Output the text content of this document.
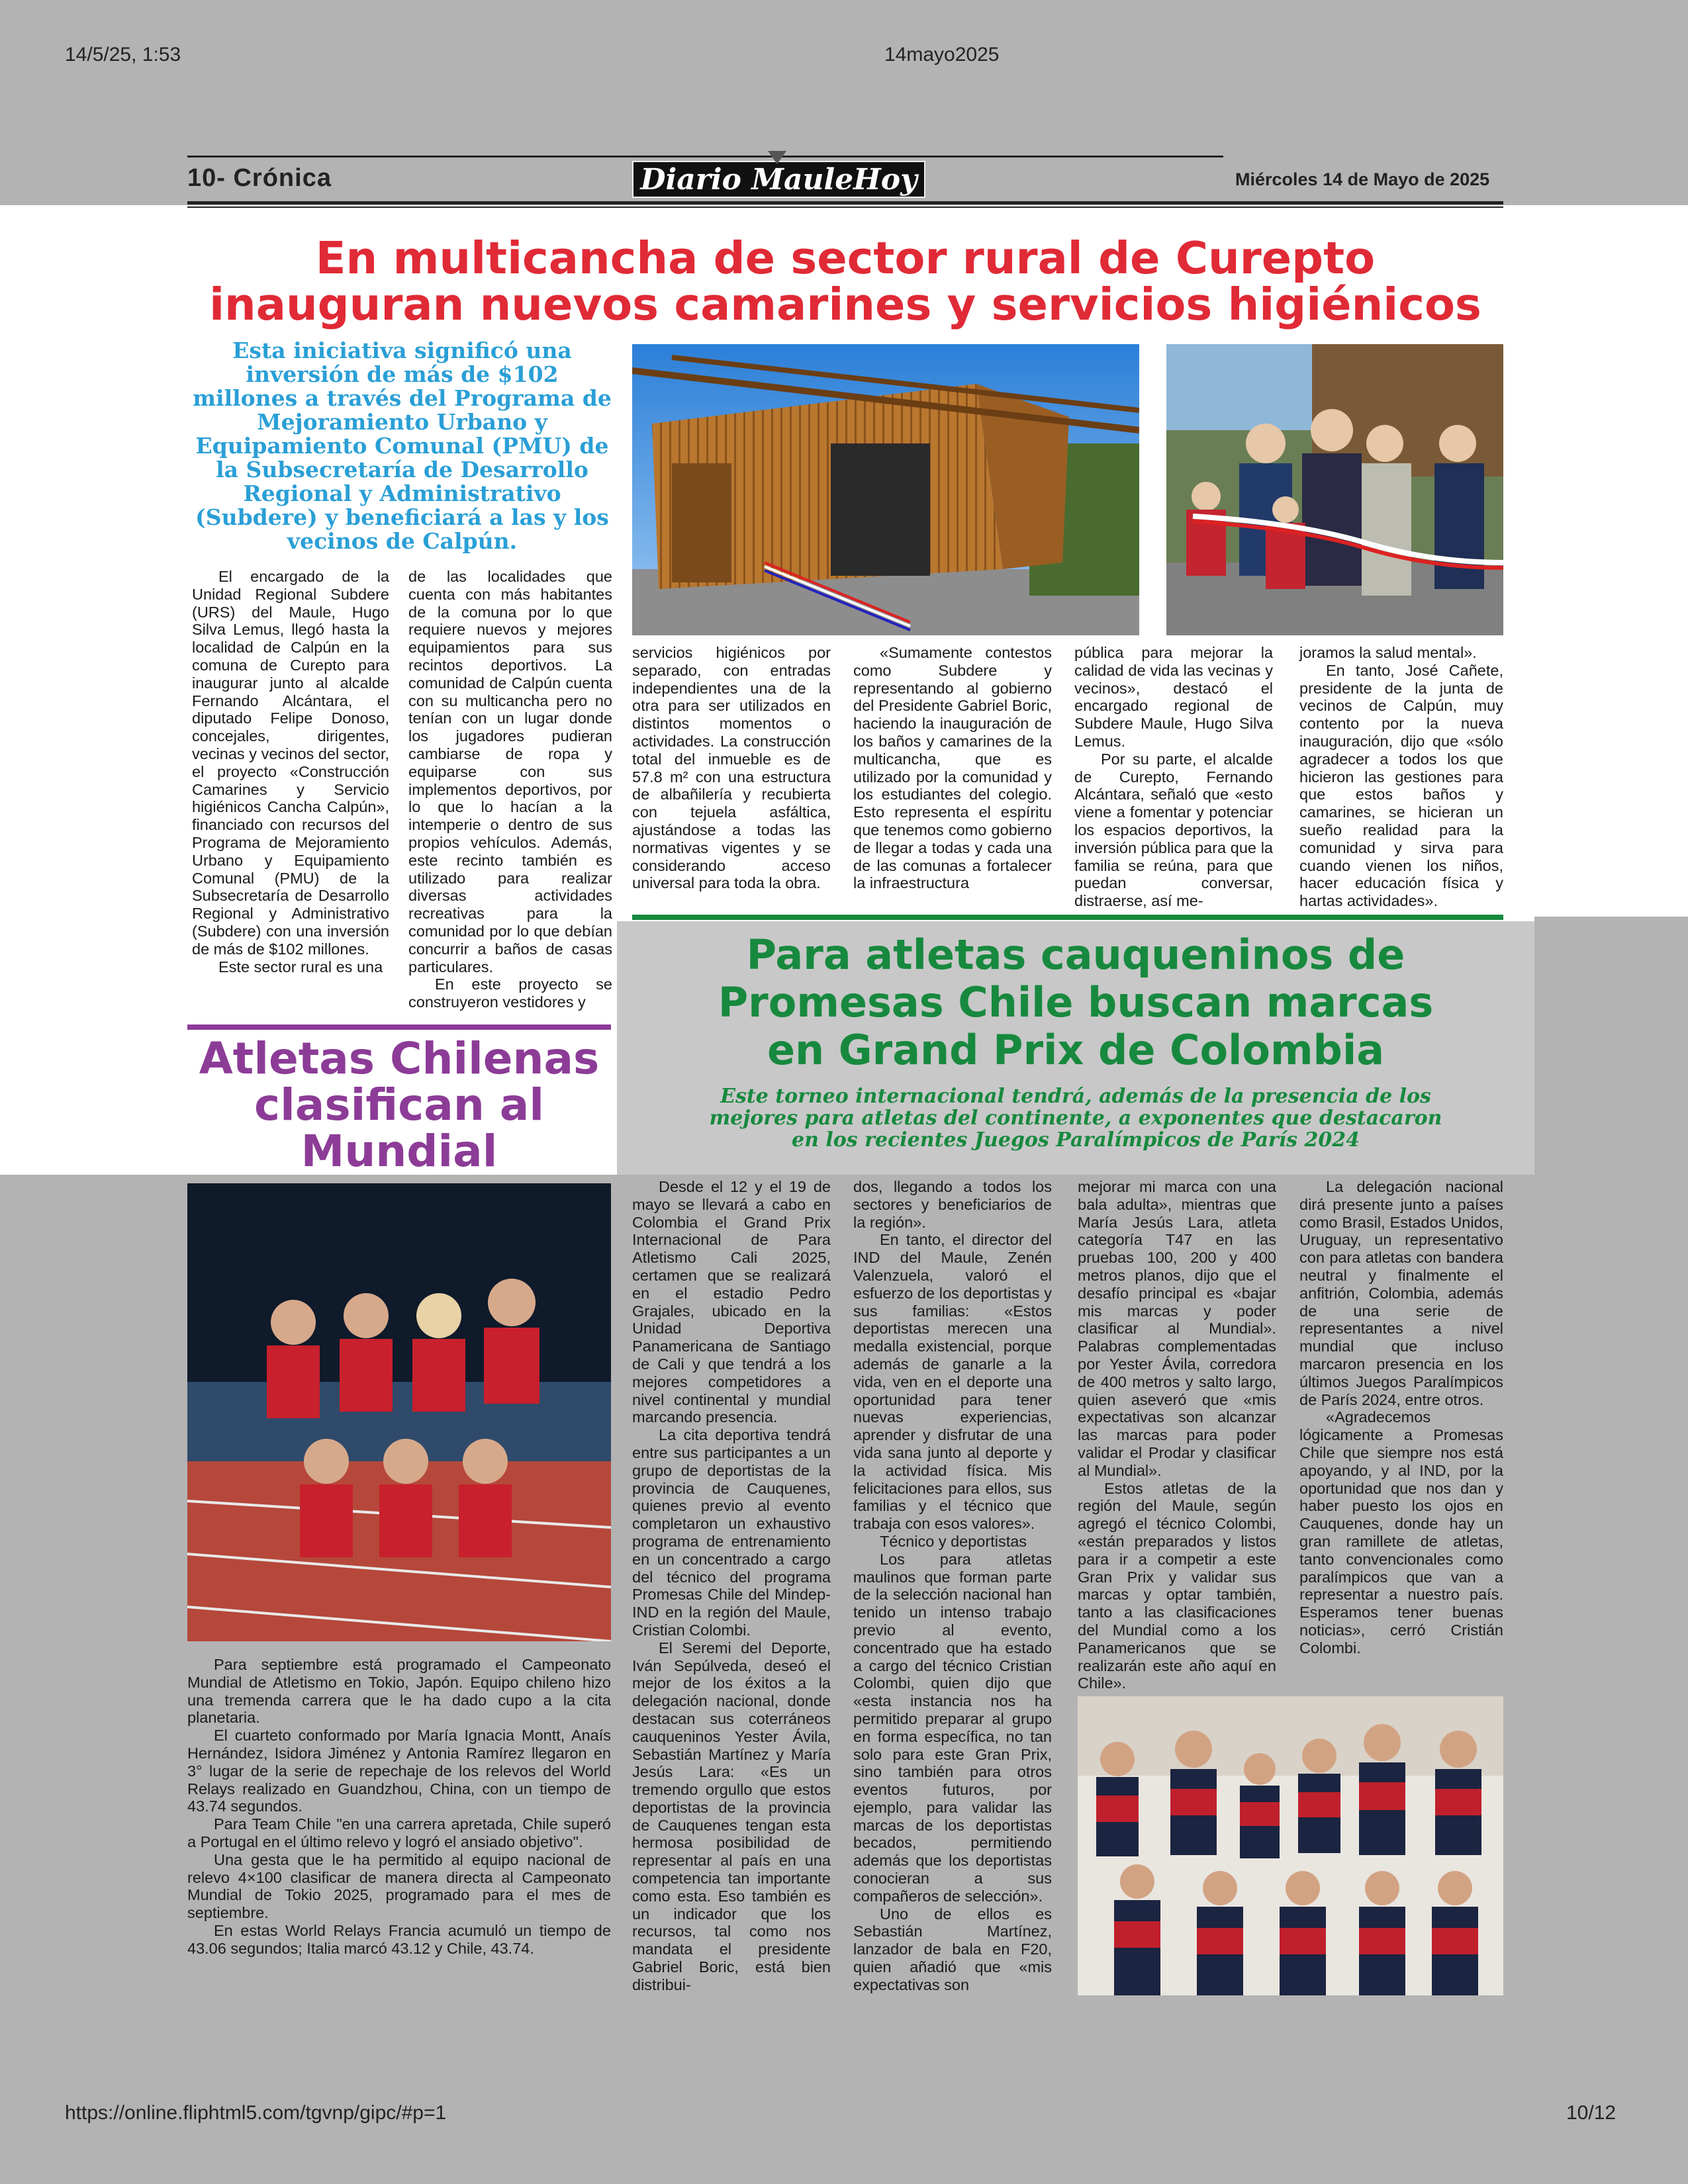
14/5/25, 1:53	14mayo2025
https://online.fliphtml5.com/tgvnp/gipc/#p=1	10/12
10- Crónica	Diario MauleHoy	Miércoles 14 de Mayo de 2025
En multicancha de sector rural de Curepto
inauguran nuevos camarines y servicios higiénicos
Esta iniciativa significó una inversión de más de $102 millones a través del Programa de Mejoramiento Urbano y Equipamiento Comunal (PMU) de la Subsecretaría de Desarrollo Regional y Administrativo (Subdere) y beneficiará a las y los vecinos de Calpún.

El encargado de la Unidad Regional Subdere (URS) del Maule, Hugo Silva Lemus, llegó hasta la localidad de Calpún en la comuna de Curepto para inaugurar junto al alcalde Fernando Alcántara, el diputado Felipe Donoso, concejales, dirigentes, vecinas y vecinos del sector, el proyecto «Construcción Camarines y Servicio higiénicos Cancha Calpún», financiado con recursos del Programa de Mejoramiento Urbano y Equipamiento Comunal (PMU) de la Subsecretaría de Desarrollo Regional y Administrativo (Subdere) con una inversión de más de $102 millones.

Este sector rural es una

de las localidades que cuenta con más habitantes de la comuna por lo que requiere nuevos y mejores equipamientos para sus recintos deportivos. La comunidad de Calpún cuenta con su multicancha pero no tenían con un lugar donde los jugadores pudieran cambiarse de ropa y equiparse con sus implementos deportivos, por lo que lo hacían a la intemperie o dentro de sus propios vehículos. Además, este recinto también es utilizado para realizar diversas actividades recreativas para la comunidad por lo que debían concurrir a baños de casas particulares.

En este proyecto se construyeron vestidores y

servicios higiénicos por separado, con entradas independientes una de la otra para ser utilizados en distintos momentos o actividades. La construcción total del inmueble es de 57.8 m² con una estructura de albañilería y recubierta con tejuela asfáltica, ajustándose a todas las normativas vigentes y se considerando acceso universal para toda la obra.

«Sumamente contestos como Subdere y representando al gobierno del Presidente Gabriel Boric, haciendo la inauguración de los baños y camarines de la multicancha, que es utilizado por la comunidad y los estudiantes del colegio. Esto representa el espíritu que tenemos como gobierno de llegar a todas y cada una de las comunas a fortalecer la infraestructura

pública para mejorar la calidad de vida las vecinas y vecinos», destacó el encargado regional de Subdere Maule, Hugo Silva Lemus.

Por su parte, el alcalde de Curepto, Fernando Alcántara, señaló que «esto viene a fomentar y potenciar los espacios deportivos, la inversión pública para que la familia se reúna, para que puedan conversar, distraerse, así me-

joramos la salud mental».

En tanto, José Cañete, presidente de la junta de vecinos de Calpún, muy contento por la nueva inauguración, dijo que «sólo agradecer a todos los que hicieron las gestiones para que estos baños y camarines, se hicieran un sueño realidad para la comunidad y sirva para cuando vienen los niños, hacer educación física y hartas actividades».

Para atletas cauqueninos de
Promesas Chile buscan marcas
en Grand Prix de Colombia
Este torneo internacional tendrá, además de la presencia de los
mejores para atletas del continente, a exponentes que destacaron
en los recientes Juegos Paralímpicos de París 2024
Atletas Chilenas
clasifican al
Mundial

Para septiembre está programado el Campeonato Mundial de Atletismo en Tokio, Japón. Equipo chileno hizo una tremenda carrera que le ha dado cupo a la cita planetaria.

El cuarteto conformado por María Ignacia Montt, Anaís Hernández, Isidora Jiménez y Antonia Ramírez llegaron en 3° lugar de la serie de repechaje de los relevos del World Relays realizado en Guandzhou, China, con un tiempo de 43.74 segundos.

Para Team Chile "en una carrera apretada, Chile superó a Portugal en el último relevo y logró el ansiado objetivo".

Una gesta que le ha permitido al equipo nacional de relevo 4×100 clasificar de manera directa al Campeonato Mundial de Tokio 2025, programado para el mes de septiembre.

En estas World Relays Francia acumuló un tiempo de 43.06 segundos; Italia marcó 43.12 y Chile, 43.74.

Desde el 12 y el 19 de mayo se llevará a cabo en Colombia el Grand Prix Internacional de Para Atletismo Cali 2025, certamen que se realizará en el estadio Pedro Grajales, ubicado en la Unidad Deportiva Panamericana de Santiago de Cali y que tendrá a los mejores competidores a nivel continental y mundial marcando presencia.

La cita deportiva tendrá entre sus participantes a un grupo de deportistas de la provincia de Cauquenes, quienes previo al evento completaron un exhaustivo programa de entrenamiento en un concentrado a cargo del técnico del programa Promesas Chile del Mindep-IND en la región del Maule, Cristian Colombi.

El Seremi del Deporte, Iván Sepúlveda, deseó el mejor de los éxitos a la delegación nacional, donde destacan sus coterráneos cauqueninos Yester Ávila, Sebastián Martínez y María Jesús Lara: «Es un tremendo orgullo que estos deportistas de la provincia de Cauquenes tengan esta hermosa posibilidad de representar al país en una competencia tan importante como esta. Eso también es un indicador que los recursos, tal como nos mandata el presidente Gabriel Boric, está bien distribui-

dos, llegando a todos los sectores y beneficiarios de la región».

En tanto, el director del IND del Maule, Zenén Valenzuela, valoró el esfuerzo de los deportistas y sus familias: «Estos deportistas merecen una medalla existencial, porque además de ganarle a la vida, ven en el deporte una oportunidad para tener nuevas experiencias, aprender y disfrutar de una vida sana junto al deporte y la actividad física. Mis felicitaciones para ellos, sus familias y el técnico que trabaja con esos valores».

Técnico y deportistas

Los para atletas maulinos que forman parte de la selección nacional han tenido un intenso trabajo previo al evento, concentrado que ha estado a cargo del técnico Cristian Colombi, quien dijo que «esta instancia nos ha permitido preparar al grupo en forma específica, no tan solo para este Gran Prix, sino también para otros eventos futuros, por ejemplo, para validar las marcas de los deportistas becados, permitiendo además que los deportistas conocieran a sus compañeros de selección».

Uno de ellos es Sebastián Martínez, lanzador de bala en F20, quien añadió que «mis expectativas son

mejorar mi marca con una bala adulta», mientras que María Jesús Lara, atleta categoría T47 en las pruebas 100, 200 y 400 metros planos, dijo que el desafío principal es «bajar mis marcas y poder clasificar al Mundial». Palabras complementadas por Yester Ávila, corredora de 400 metros y salto largo, quien aseveró que «mis expectativas son alcanzar las marcas para poder validar el Prodar y clasificar al Mundial».

Estos atletas de la región del Maule, según agregó el técnico Colombi, «están preparados y listos para ir a competir a este Gran Prix y validar sus marcas y optar también, tanto a las clasificaciones del Mundial como a los Panamericanos que se realizarán este año aquí en Chile».

La delegación nacional dirá presente junto a países como Brasil, Estados Unidos, Uruguay, un representativo con para atletas con bandera neutral y finalmente el anfitrión, Colombia, además de una serie de representantes a nivel mundial que incluso marcaron presencia en los últimos Juegos Paralímpicos de París 2024, entre otros.

«Agradecemos lógicamente a Promesas Chile que siempre nos está apoyando, y al IND, por la oportunidad que nos dan y haber puesto los ojos en Cauquenes, donde hay un gran ramillete de atletas, tanto convencionales como paralímpicos que van a representar a nuestro país. Esperamos tener buenas noticias», cerró Cristián Colombi.
